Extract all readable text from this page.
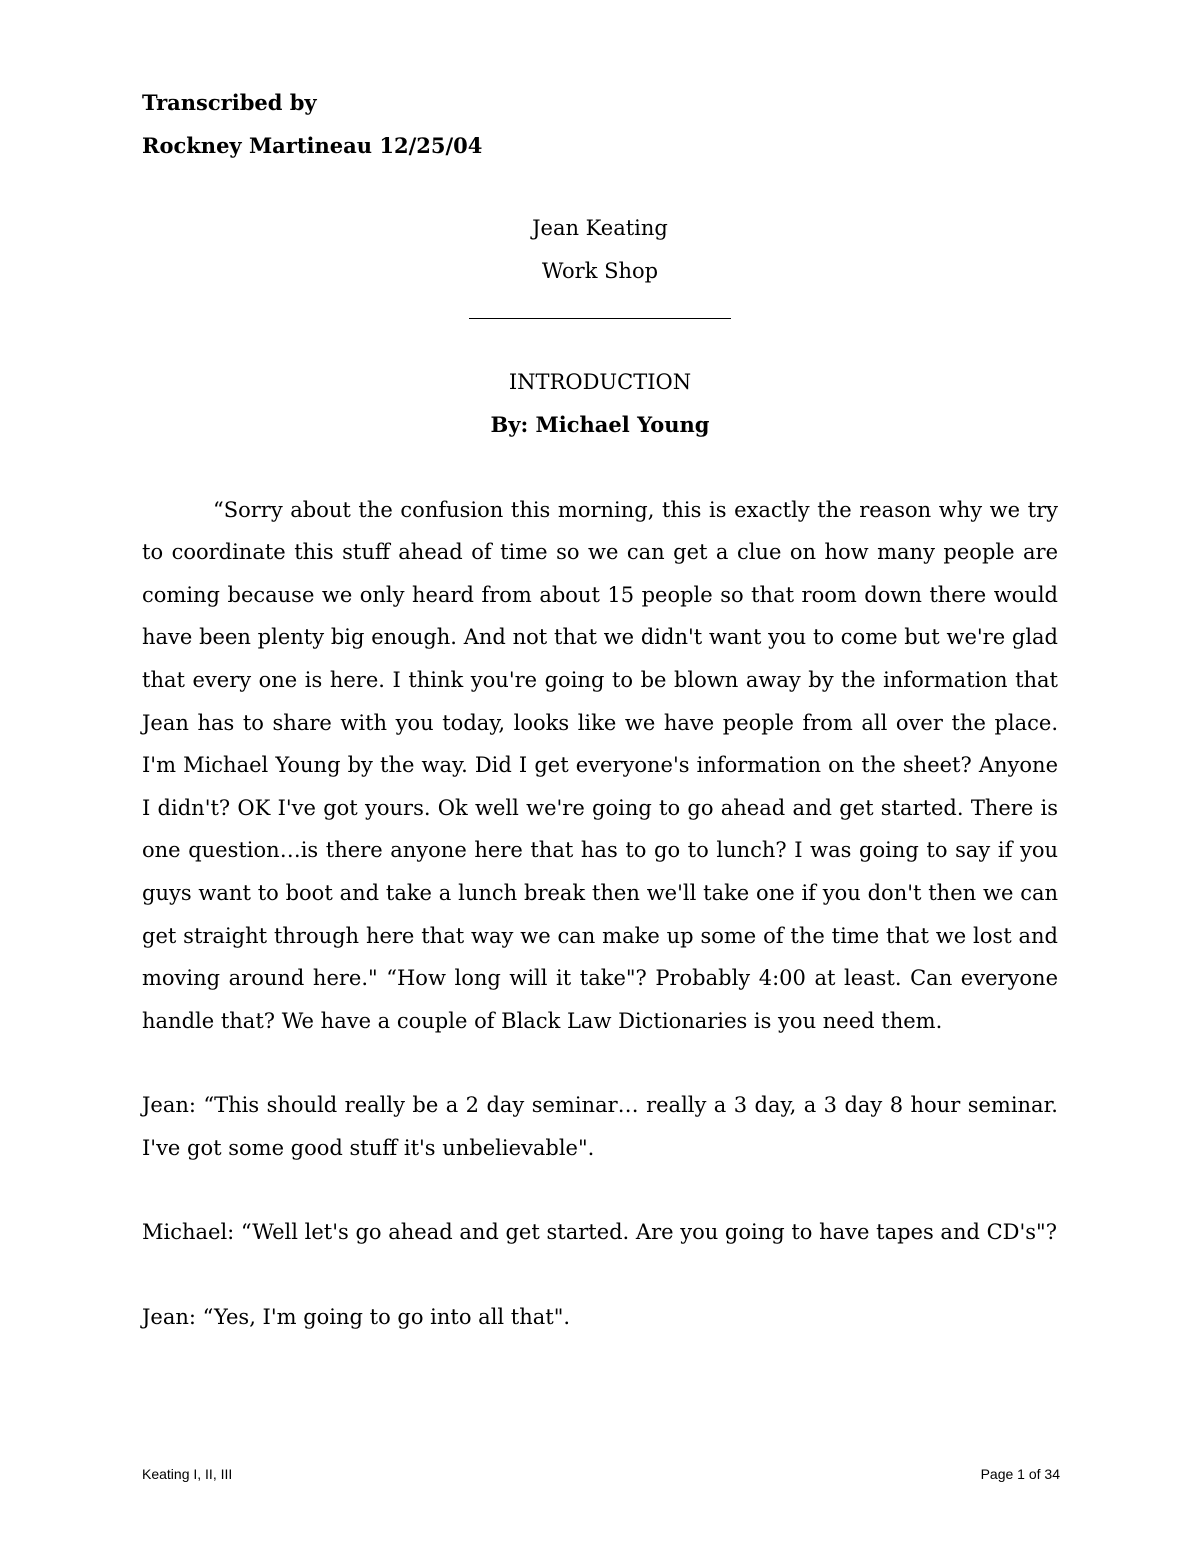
Transcribed by
Rockney Martineau 12/25/04
Jean Keating
Work Shop
INTRODUCTION
By: Michael Young

“Sorry about the confusion this morning, this is exactly the reason why we try to coordinate this stuff ahead of time so we can get a clue on how many people are coming because we only heard from about 15 people so that room down there would have been plenty big enough. And not that we didn't want you to come but we're glad that every one is here. I think you're going to be blown away by the information that Jean has to share with you today, looks like we have people from all over the place. I'm Michael Young by the way. Did I get everyone's information on the sheet? Anyone I didn't? OK I've got yours. Ok well we're going to go ahead and get started. There is one question…is there anyone here that has to go to lunch? I was going to say if you guys want to boot and take a lunch break then we'll take one if you don't then we can get straight through here that way we can make up some of the time that we lost and moving around here." “How long will it take"? Probably 4:00 at least. Can everyone handle that? We have a couple of Black Law Dictionaries is you need them.

Jean: “This should really be a 2 day seminar… really a 3 day, a 3 day 8 hour seminar. I've got some good stuff it's unbelievable".

Michael: “Well let's go ahead and get started. Are you going to have tapes and CD's"?

Jean: “Yes, I'm going to go into all that".

Keating I, II, III	Page 1 of 34
